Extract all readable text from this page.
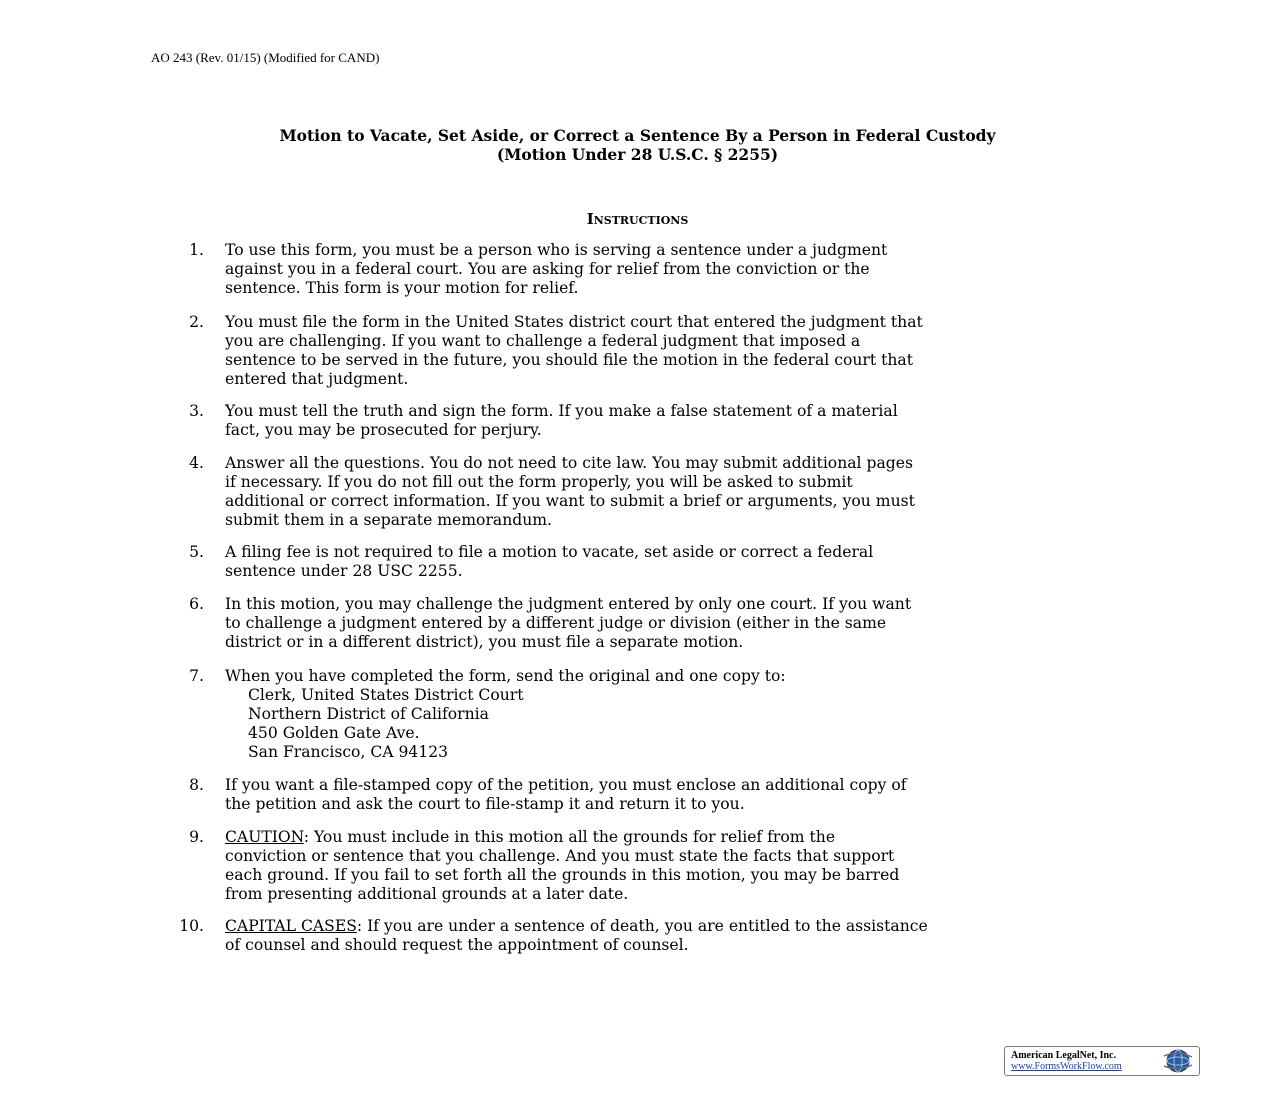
AO 243 (Rev. 01/15) (Modified for CAND)
Motion to Vacate, Set Aside, or Correct a Sentence By a Person in Federal Custody
(Motion Under 28 U.S.C. § 2255)
Instructions
1. To use this form, you must be a person who is serving a sentence under a judgment
against you in a federal court. You are asking for relief from the conviction or the
sentence. This form is your motion for relief.
2. You must file the form in the United States district court that entered the judgment that
you are challenging. If you want to challenge a federal judgment that imposed a
sentence to be served in the future, you should file the motion in the federal court that
entered that judgment.
3. You must tell the truth and sign the form. If you make a false statement of a material
fact, you may be prosecuted for perjury.
4. Answer all the questions. You do not need to cite law. You may submit additional pages
if necessary. If you do not fill out the form properly, you will be asked to submit
additional or correct information. If you want to submit a brief or arguments, you must
submit them in a separate memorandum.
5. A filing fee is not required to file a motion to vacate, set aside or correct a federal
sentence under 28 USC 2255.
6. In this motion, you may challenge the judgment entered by only one court. If you want
to challenge a judgment entered by a different judge or division (either in the same
district or in a different district), you must file a separate motion.
7. When you have completed the form, send the original and one copy to:
Clerk, United States District Court
Northern District of California
450 Golden Gate Ave.
San Francisco, CA 94123
8. If you want a file-stamped copy of the petition, you must enclose an additional copy of
the petition and ask the court to file-stamp it and return it to you.
9. CAUTION: You must include in this motion all the grounds for relief from the
conviction or sentence that you challenge. And you must state the facts that support
each ground. If you fail to set forth all the grounds in this motion, you may be barred
from presenting additional grounds at a later date.
10. CAPITAL CASES: If you are under a sentence of death, you are entitled to the assistance
of counsel and should request the appointment of counsel.
American LegalNet, Inc.
www.FormsWorkFlow.com
